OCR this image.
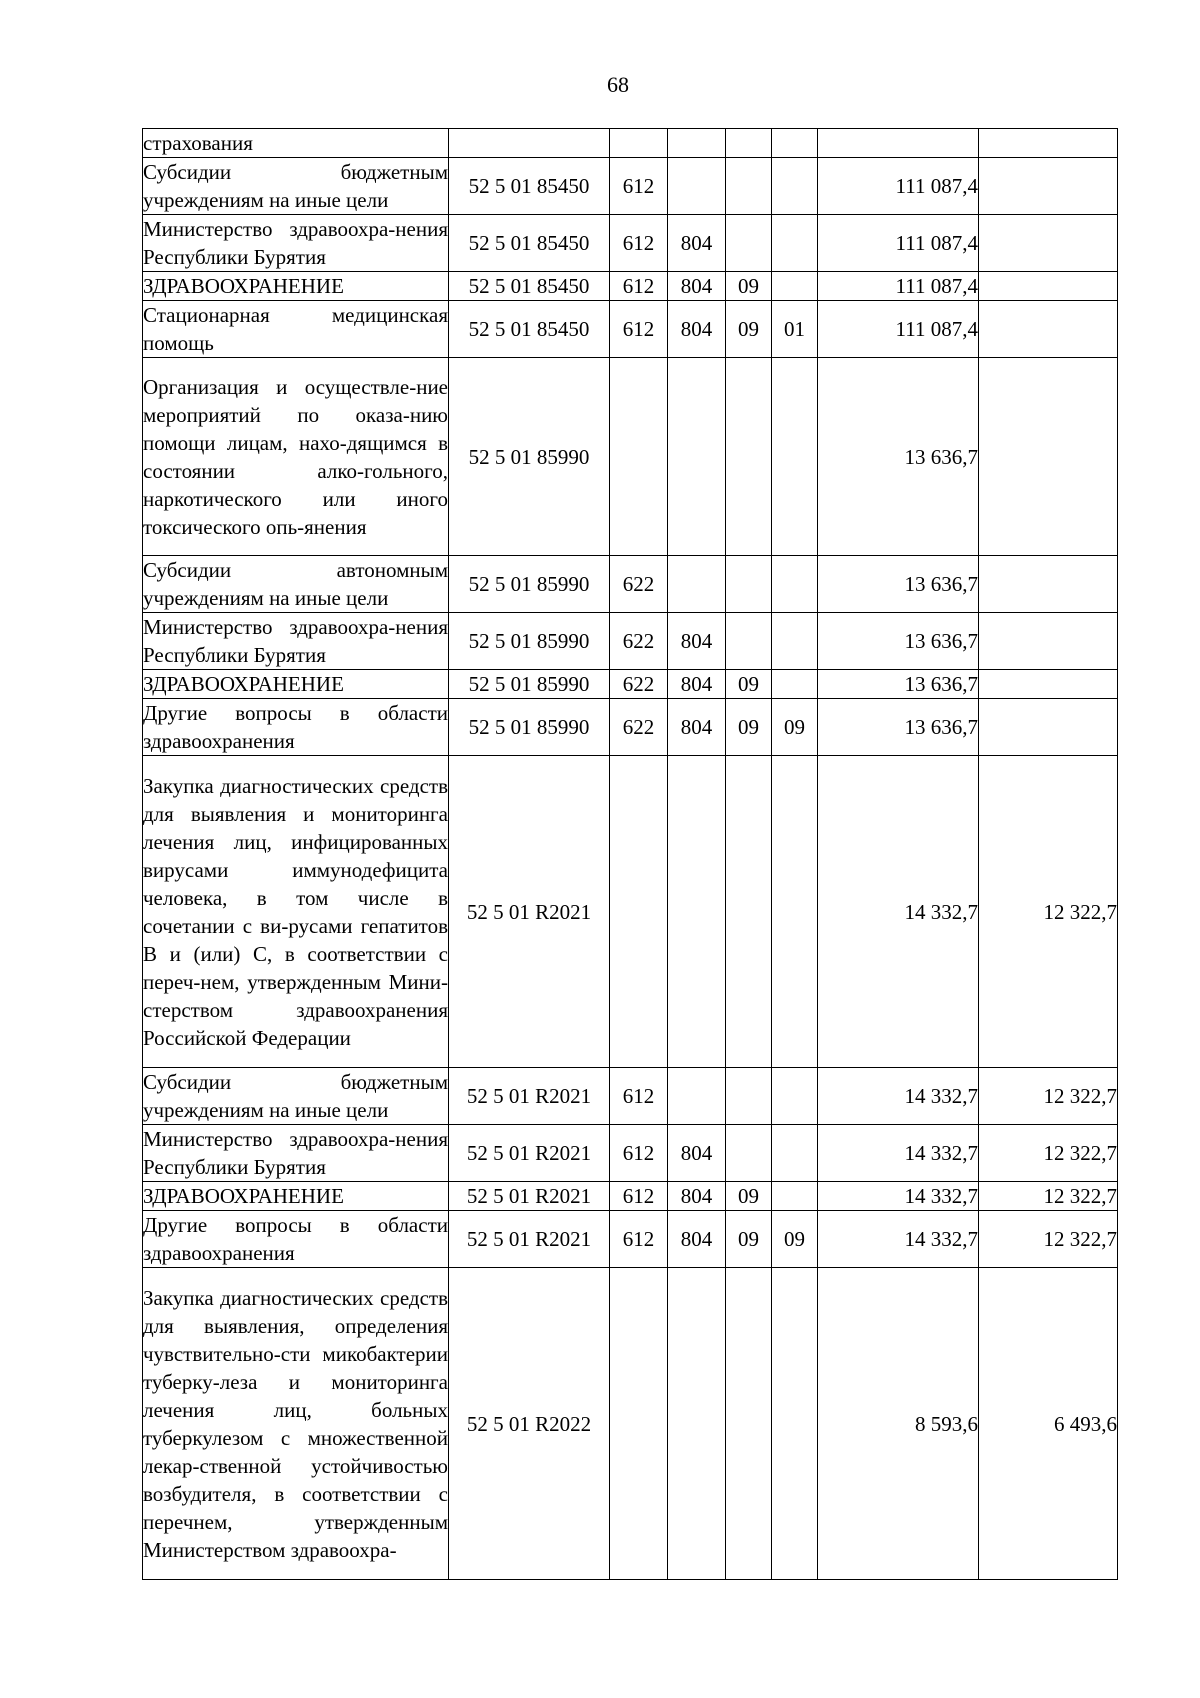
68
страхования							
Субсидии бюджетным учреждениям на иные цели	52 5 01 85450	612				111 087,4	
Министерство здравоохра-нения Республики Бурятия	52 5 01 85450	612	804			111 087,4	
ЗДРАВООХРАНЕНИЕ	52 5 01 85450	612	804	09		111 087,4	
Стационарная медицинская помощь	52 5 01 85450	612	804	09	01	111 087,4	
Организация и осуществле-ние мероприятий по оказа-нию помощи лицам, нахо-дящимся в состоянии алко-гольного, наркотического или иного токсического опь-янения	52 5 01 85990					13 636,7	
Субсидии автономным учреждениям на иные цели	52 5 01 85990	622				13 636,7	
Министерство здравоохра-нения Республики Бурятия	52 5 01 85990	622	804			13 636,7	
ЗДРАВООХРАНЕНИЕ	52 5 01 85990	622	804	09		13 636,7	
Другие вопросы в области здравоохранения	52 5 01 85990	622	804	09	09	13 636,7	
Закупка диагностических средств для выявления и мониторинга лечения лиц, инфицированных вирусами иммунодефицита человека, в том числе в сочетании с ви-русами гепатитов B и (или) C, в соответствии с переч-нем, утвержденным Мини-стерством здравоохранения Российской Федерации	52 5 01 R2021					14 332,7	12 322,7
Субсидии бюджетным учреждениям на иные цели	52 5 01 R2021	612				14 332,7	12 322,7
Министерство здравоохра-нения Республики Бурятия	52 5 01 R2021	612	804			14 332,7	12 322,7
ЗДРАВООХРАНЕНИЕ	52 5 01 R2021	612	804	09		14 332,7	12 322,7
Другие вопросы в области здравоохранения	52 5 01 R2021	612	804	09	09	14 332,7	12 322,7
Закупка диагностических средств для выявления, определения чувствительно-сти микобактерии туберку-леза и мониторинга лечения лиц, больных туберкулезом с множественной лекар-ственной устойчивостью возбудителя, в соответствии с перечнем, утвержденным Министерством здравоохра-	52 5 01 R2022					8 593,6	6 493,6
